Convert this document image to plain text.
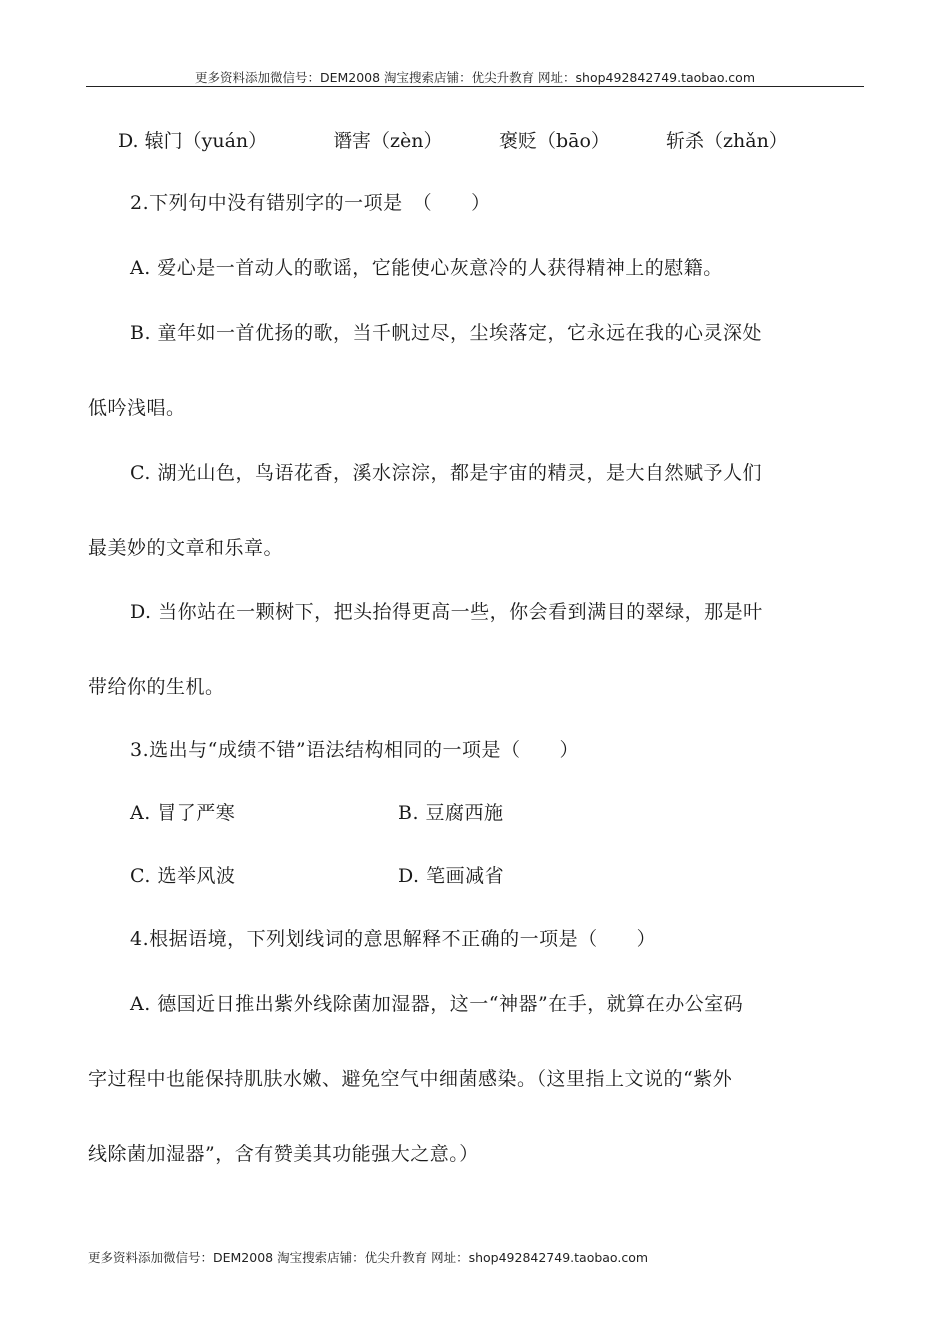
更多资料添加微信号：DEM2008 淘宝搜索店铺：优尖升教育 网址：shop492842749.taobao.com
D. 辕门（yuán）	谮害（zèn）	褒贬（bāo）	斩杀（zhǎn）
2.下列句中没有错别字的一项是　（　　）
A. 爱心是一首动人的歌谣，它能使心灰意冷的人获得精神上的慰籍。
B. 童年如一首优扬的歌，当千帆过尽，尘埃落定，它永远在我的心灵深处
低吟浅唱。
C. 湖光山色，鸟语花香，溪水淙淙，都是宇宙的精灵，是大自然赋予人们
最美妙的文章和乐章。
D. 当你站在一颗树下，把头抬得更高一些，你会看到满目的翠绿，那是叶
带给你的生机。
3.选出与“成绩不错”语法结构相同的一项是（　　）
A. 冒了严寒	B. 豆腐西施
C. 选举风波	D. 笔画减省
4.根据语境，下列划线词的意思解释不正确的一项是（　　）
A. 德国近日推出紫外线除菌加湿器，这一“神器”在手，就算在办公室码
字过程中也能保持肌肤水嫩、避免空气中细菌感染。（这里指上文说的“紫外
线除菌加湿器”，含有赞美其功能强大之意。）
更多资料添加微信号：DEM2008 淘宝搜索店铺：优尖升教育 网址：shop492842749.taobao.com
